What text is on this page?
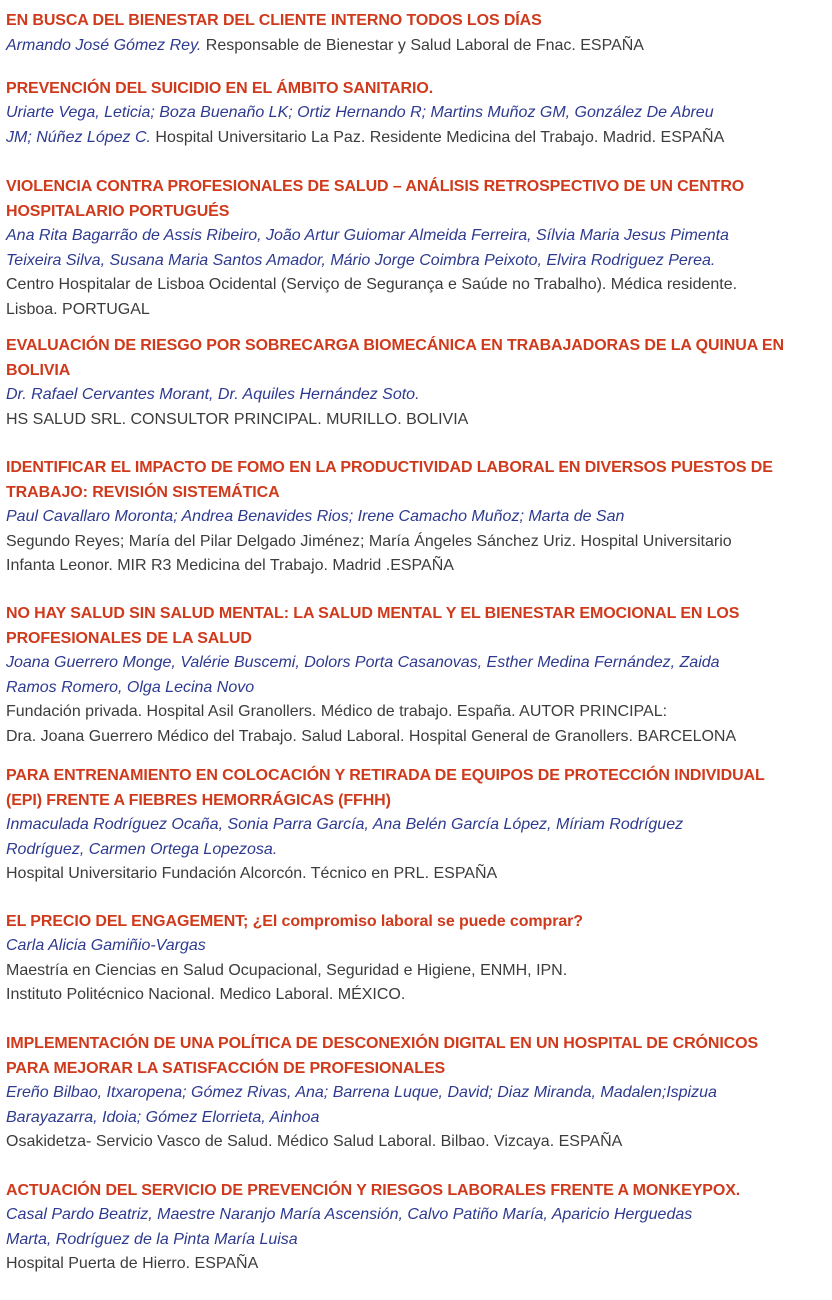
EN BUSCA DEL BIENESTAR DEL CLIENTE INTERNO TODOS LOS DÍAS
Armando José Gómez Rey. Responsable de Bienestar y Salud Laboral de Fnac. ESPAÑA
PREVENCIÓN DEL SUICIDIO EN EL ÁMBITO SANITARIO.
Uriarte Vega, Leticia; Boza Buenaño LK; Ortiz Hernando R; Martins Muñoz GM, González De Abreu
JM; Núñez López C. Hospital Universitario La Paz. Residente Medicina del Trabajo. Madrid. ESPAÑA
VIOLENCIA CONTRA PROFESIONALES DE SALUD – ANÁLISIS RETROSPECTIVO DE UN CENTRO
HOSPITALARIO PORTUGUÉS
Ana Rita Bagarrão de Assis Ribeiro, João Artur Guiomar Almeida Ferreira, Sílvia Maria Jesus Pimenta
Teixeira Silva, Susana Maria Santos Amador, Mário Jorge Coimbra Peixoto, Elvira Rodriguez Perea.
Centro Hospitalar de Lisboa Ocidental (Serviço de Segurança e Saúde no Trabalho). Médica residente.
Lisboa. PORTUGAL
EVALUACIÓN DE RIESGO POR SOBRECARGA BIOMECÁNICA EN TRABAJADORAS DE LA QUINUA EN
BOLIVIA
Dr. Rafael Cervantes Morant, Dr. Aquiles Hernández Soto.
HS SALUD SRL. CONSULTOR PRINCIPAL. MURILLO. BOLIVIA
IDENTIFICAR EL IMPACTO DE FOMO EN LA PRODUCTIVIDAD LABORAL EN DIVERSOS PUESTOS DE
TRABAJO: REVISIÓN SISTEMÁTICA
Paul Cavallaro Moronta; Andrea Benavides Rios; Irene Camacho Muñoz; Marta de San
Segundo Reyes; María del Pilar Delgado Jiménez; María Ángeles Sánchez Uriz. Hospital Universitario
Infanta Leonor. MIR R3 Medicina del Trabajo. Madrid .ESPAÑA
NO HAY SALUD SIN SALUD MENTAL: LA SALUD MENTAL Y EL BIENESTAR EMOCIONAL EN LOS
PROFESIONALES DE LA SALUD
Joana Guerrero Monge, Valérie Buscemi, Dolors Porta Casanovas, Esther Medina Fernández, Zaida
Ramos Romero, Olga Lecina Novo
Fundación privada. Hospital Asil Granollers. Médico de trabajo. España. AUTOR PRINCIPAL:
Dra. Joana Guerrero Médico del Trabajo. Salud Laboral. Hospital General de Granollers. BARCELONA
PARA ENTRENAMIENTO EN COLOCACIÓN Y RETIRADA DE EQUIPOS DE PROTECCIÓN INDIVIDUAL
(EPI) FRENTE A FIEBRES HEMORRÁGICAS (FFHH)
Inmaculada Rodríguez Ocaña, Sonia Parra García, Ana Belén García López, Míriam Rodríguez
Rodríguez, Carmen Ortega Lopezosa.
Hospital Universitario Fundación Alcorcón. Técnico en PRL. ESPAÑA
EL PRECIO DEL ENGAGEMENT; ¿El compromiso laboral se puede comprar?
Carla Alicia Gamiñio-Vargas
Maestría en Ciencias en Salud Ocupacional, Seguridad e Higiene, ENMH, IPN.
Instituto Politécnico Nacional. Medico Laboral. MÉXICO.
IMPLEMENTACIÓN DE UNA POLÍTICA DE DESCONEXIÓN DIGITAL EN UN HOSPITAL DE CRÓNICOS
PARA MEJORAR LA SATISFACCIÓN DE PROFESIONALES
Ereño Bilbao, Itxaropena; Gómez Rivas, Ana; Barrena Luque, David; Diaz Miranda, Madalen;Ispizua
Barayazarra, Idoia; Gómez Elorrieta, Ainhoa
Osakidetza- Servicio Vasco de Salud. Médico Salud Laboral. Bilbao. Vizcaya. ESPAÑA
ACTUACIÓN DEL SERVICIO DE PREVENCIÓN Y RIESGOS LABORALES FRENTE A MONKEYPOX.
Casal Pardo Beatriz, Maestre Naranjo María Ascensión, Calvo Patiño María, Aparicio Herguedas
Marta, Rodríguez de la Pinta María Luisa
Hospital Puerta de Hierro. ESPAÑA
